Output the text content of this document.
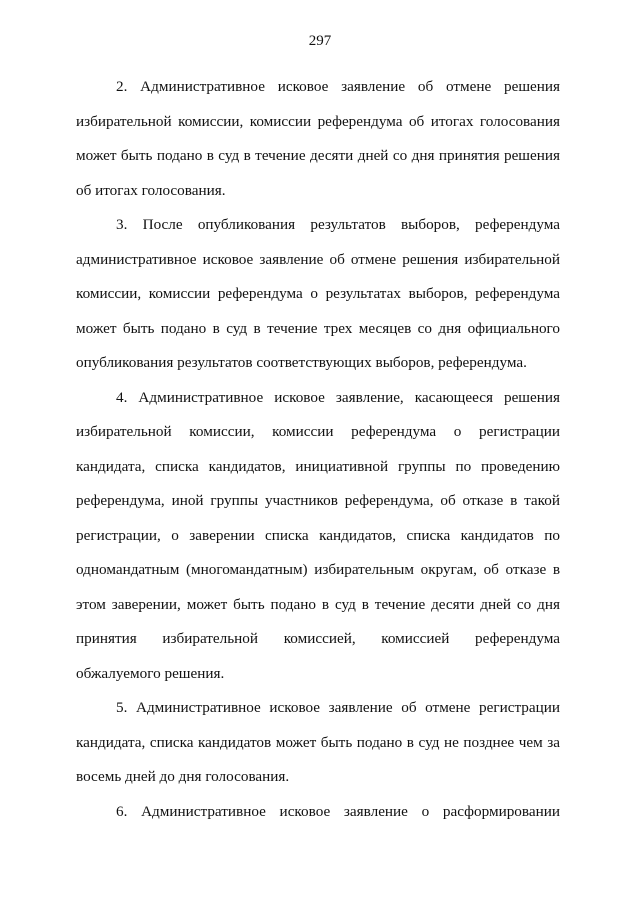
297

2. Административное исковое заявление об отмене решения избирательной комиссии, комиссии референдума об итогах голосования может быть подано в суд в течение десяти дней со дня принятия решения об итогах голосования.

3. После опубликования результатов выборов, референдума административное исковое заявление об отмене решения избирательной комиссии, комиссии референдума о результатах выборов, референдума может быть подано в суд в течение трех месяцев со дня официального опубликования результатов соответствующих выборов, референдума.

4. Административное исковое заявление, касающееся решения избирательной комиссии, комиссии референдума о регистрации кандидата, списка кандидатов, инициативной группы по проведению референдума, иной группы участников референдума, об отказе в такой регистрации, о заверении списка кандидатов, списка кандидатов по одномандатным (многомандатным) избирательным округам, об отказе в этом заверении, может быть подано в суд в течение десяти дней со дня принятия избирательной комиссией, комиссией референдума обжалуемого решения.

5. Административное исковое заявление об отмене регистрации кандидата, списка кандидатов может быть подано в суд не позднее чем за восемь дней до дня голосования.

6. Административное исковое заявление о расформировании
